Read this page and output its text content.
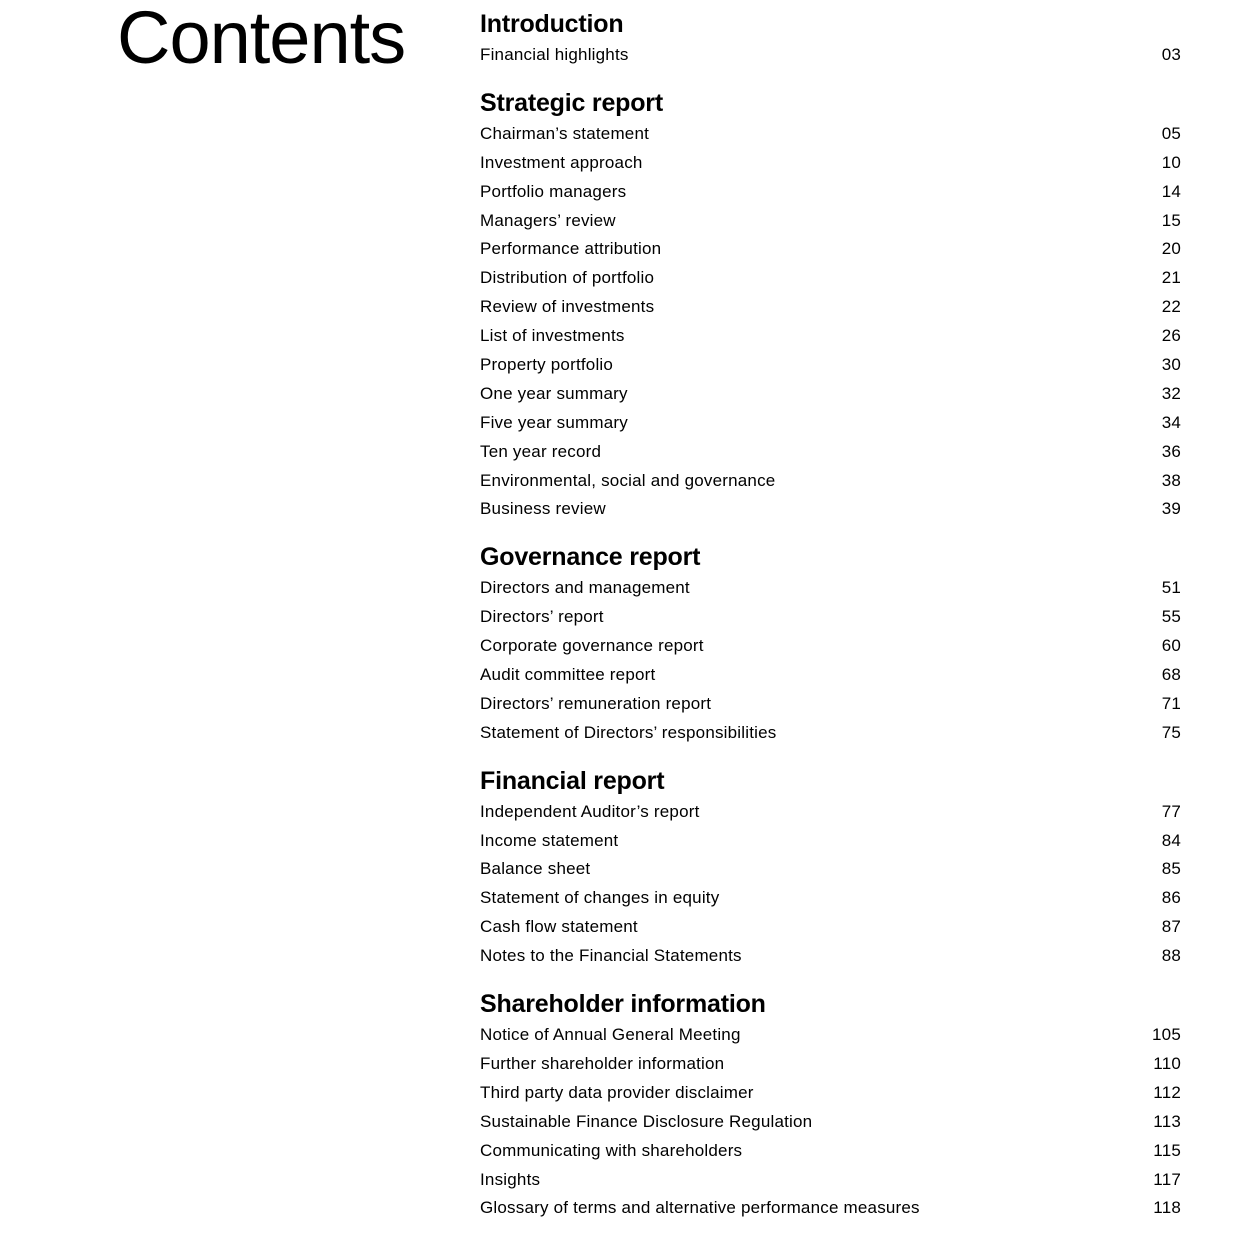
Contents	Introduction
Financial highlights	03
Strategic report
Chairman’s statement	05
Investment approach	10
Portfolio managers	14
Managers’ review	15
Performance attribution	20
Distribution of portfolio	21
Review of investments	22
List of investments	26
Property portfolio	30
One year summary	32
Five year summary	34
Ten year record	36
Environmental, social and governance	38
Business review	39
Governance report
Directors and management	51
Directors’ report	55
Corporate governance report	60
Audit committee report	68
Directors’ remuneration report	71
Statement of Directors’ responsibilities	75
Financial report
Independent Auditor’s report	77
Income statement	84
Balance sheet	85
Statement of changes in equity	86
Cash flow statement	87
Notes to the Financial Statements	88
Shareholder information
Notice of Annual General Meeting	105
Further shareholder information	110
Third party data provider disclaimer	112
Sustainable Finance Disclosure Regulation	113
Communicating with shareholders	115
Insights	117
Glossary of terms and alternative performance measures	118
